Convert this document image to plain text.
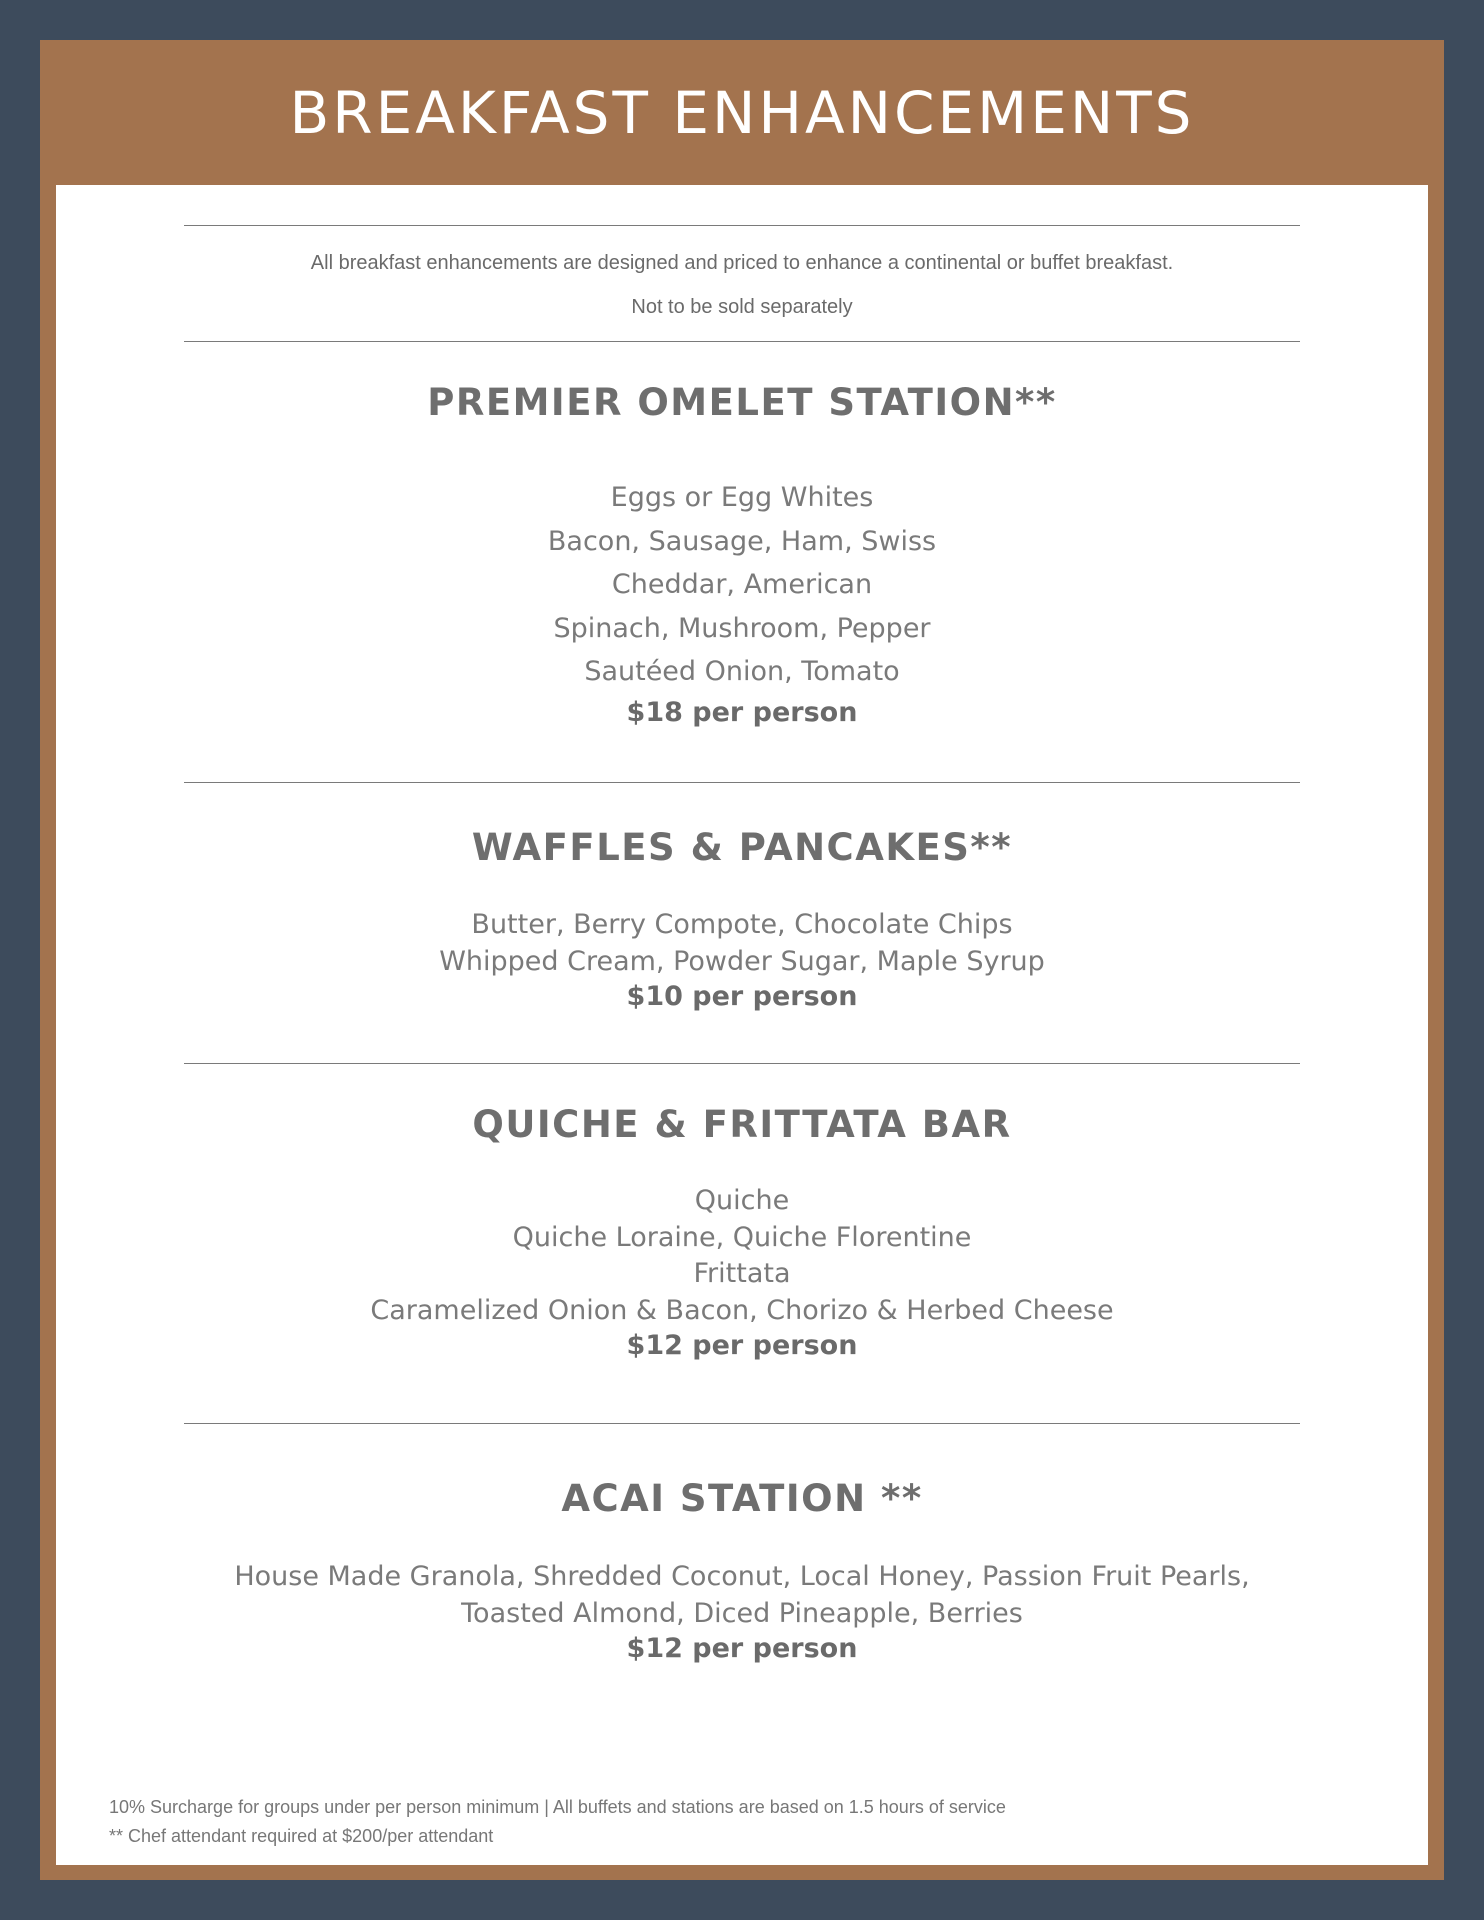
BREAKFAST ENHANCEMENTS
All breakfast enhancements are designed and priced to enhance a continental or buffet breakfast.
Not to be sold separately
PREMIER OMELET STATION**
Eggs or Egg Whites
Bacon, Sausage, Ham, Swiss
Cheddar, American
Spinach, Mushroom, Pepper
Sautéed Onion, Tomato
$18 per person
WAFFLES & PANCAKES**
Butter, Berry Compote, Chocolate Chips
Whipped Cream, Powder Sugar, Maple Syrup
$10 per person
QUICHE & FRITTATA BAR
Quiche
Quiche Loraine, Quiche Florentine
Frittata
Caramelized Onion & Bacon, Chorizo & Herbed Cheese
$12 per person
ACAI STATION **
House Made Granola, Shredded Coconut, Local Honey, Passion Fruit Pearls,
Toasted Almond, Diced Pineapple, Berries
$12 per person
10% Surcharge for groups under per person minimum | All buffets and stations are based on 1.5 hours of service
** Chef attendant required at $200/per attendant
